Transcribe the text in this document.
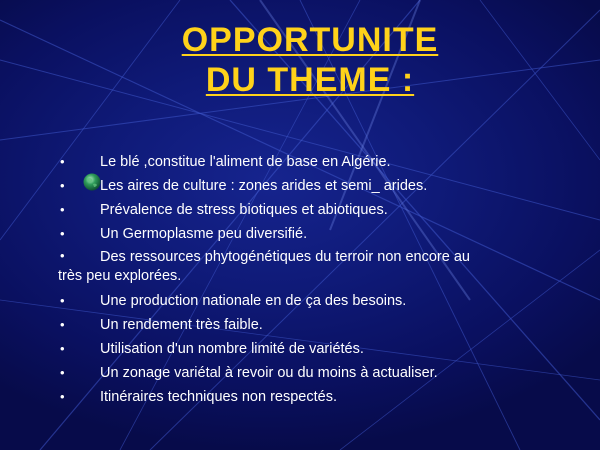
OPPORTUNITE
DU THEME :
• Le blé ,constitue l'aliment de base en Algérie.
• Les aires de culture : zones arides et semi_ arides.
• Prévalence de stress biotiques et abiotiques.
• Un Germoplasme peu diversifié.
• Des ressources phytogénétiques du terroir non encore au
très peu explorées.
• Une production nationale en de ça des besoins.
• Un rendement très faible.
• Utilisation d'un nombre limité de variétés.
• Un zonage variétal à revoir ou du moins à actualiser.
• Itinéraires techniques non respectés.
